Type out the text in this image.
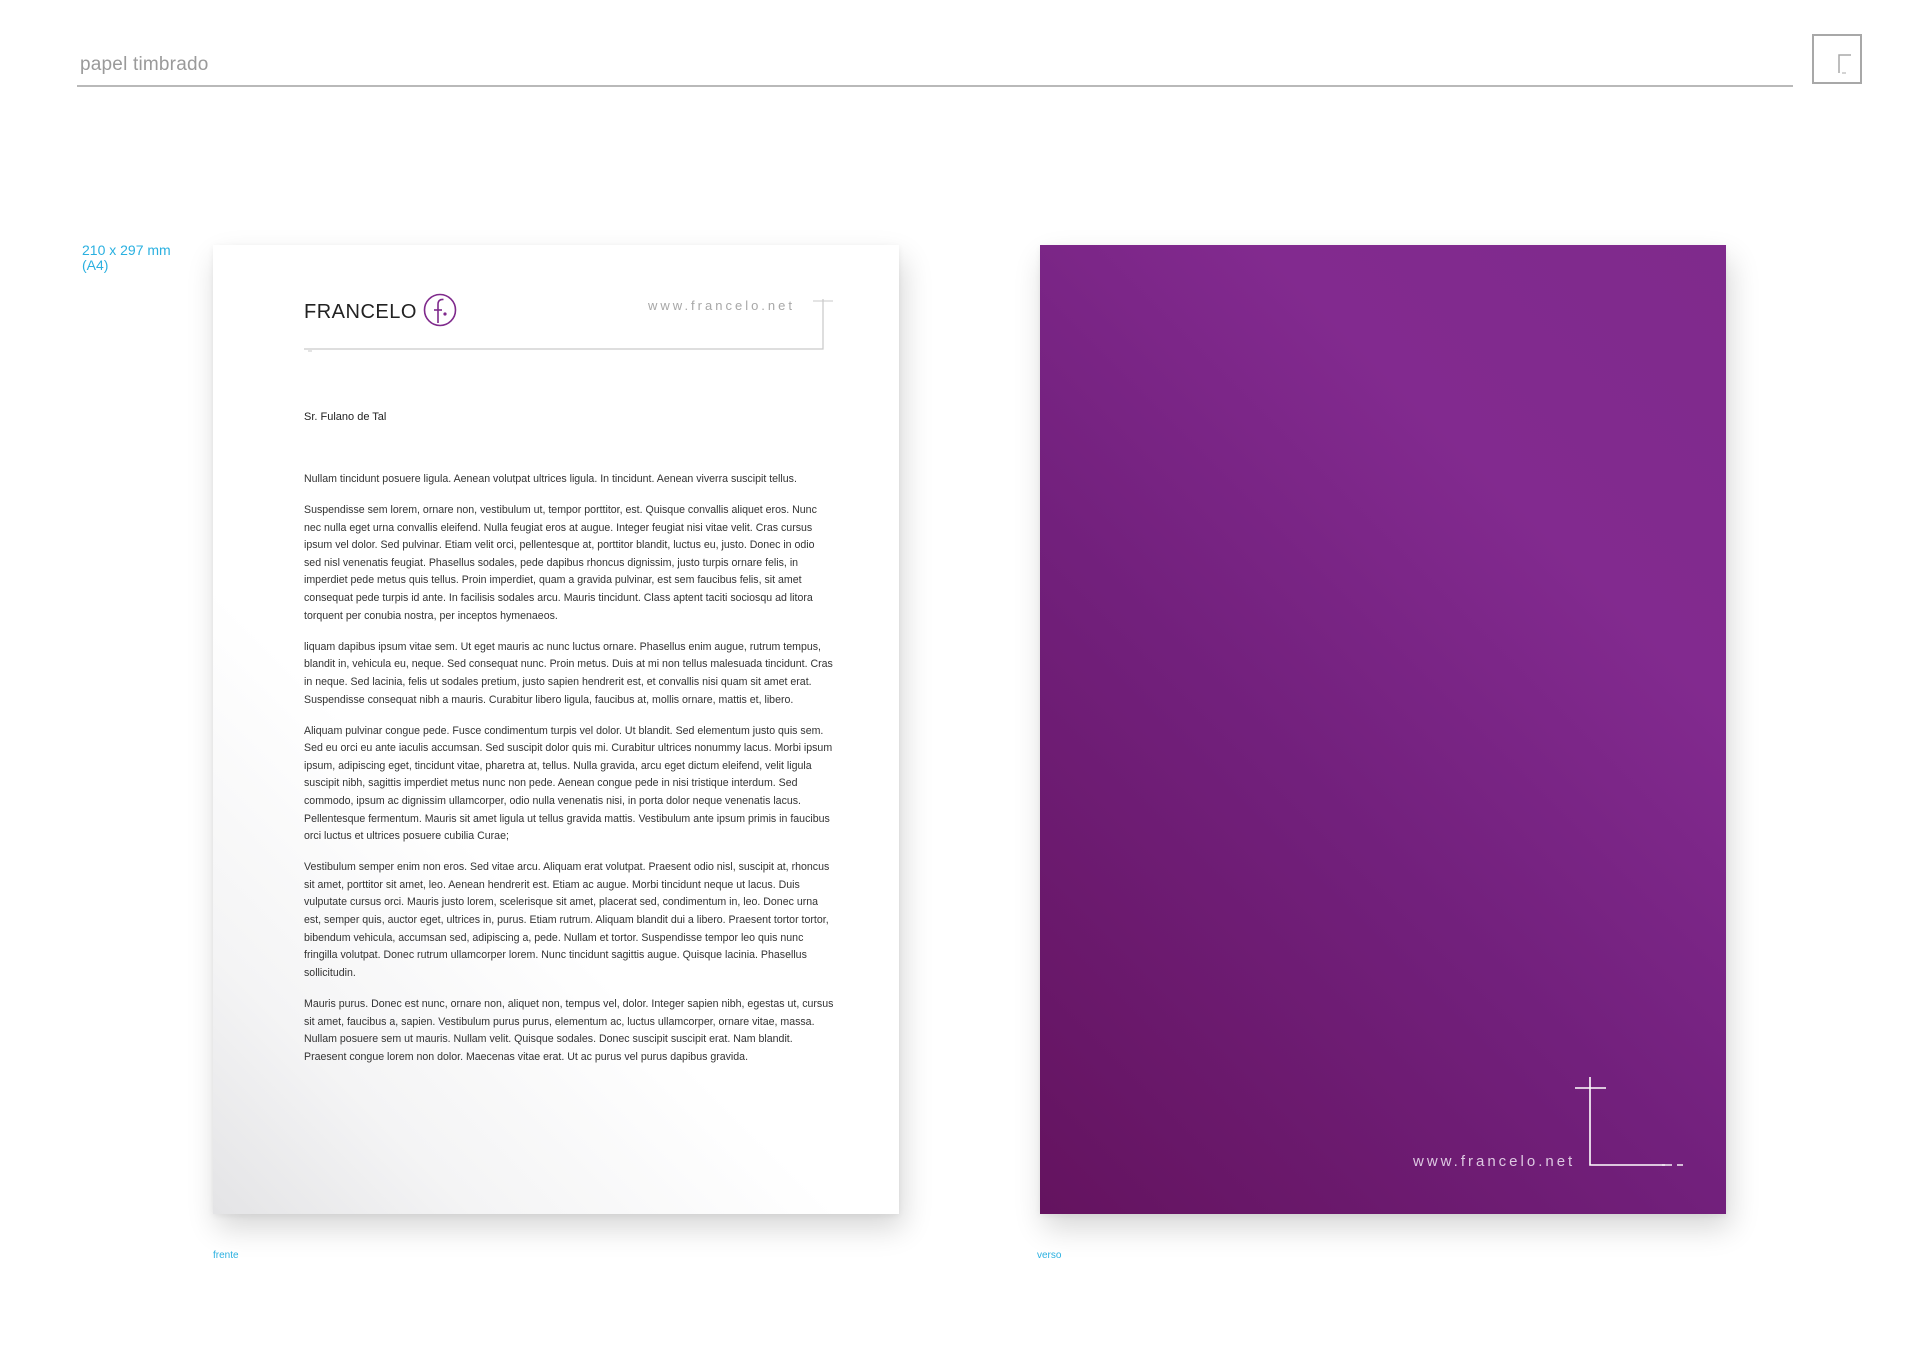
papel timbrado
210 x 297 mm
(A4)
FRANCELO	www.francelo.net
Sr. Fulano de Tal

Nullam tincidunt posuere ligula. Aenean volutpat ultrices ligula. In tincidunt. Aenean viverra suscipit tellus.

Suspendisse sem lorem, ornare non, vestibulum ut, tempor porttitor, est. Quisque convallis aliquet eros. Nunc nec nulla eget urna convallis eleifend. Nulla feugiat eros at augue. Integer feugiat nisi vitae velit. Cras cursus ipsum vel dolor. Sed pulvinar. Etiam velit orci, pellentesque at, porttitor blandit, luctus eu, justo. Donec in odio sed nisl venenatis feugiat. Phasellus sodales, pede dapibus rhoncus dignissim, justo turpis ornare felis, in imperdiet pede metus quis tellus. Proin imperdiet, quam a gravida pulvinar, est sem faucibus felis, sit amet consequat pede turpis id ante. In facilisis sodales arcu. Mauris tincidunt. Class aptent taciti sociosqu ad litora torquent per conubia nostra, per inceptos hymenaeos.

liquam dapibus ipsum vitae sem. Ut eget mauris ac nunc luctus ornare. Phasellus enim augue, rutrum tempus, blandit in, vehicula eu, neque. Sed consequat nunc. Proin metus. Duis at mi non tellus malesuada tincidunt. Cras in neque. Sed lacinia, felis ut sodales pretium, justo sapien hendrerit est, et convallis nisi quam sit amet erat. Suspendisse consequat nibh a mauris. Curabitur libero ligula, faucibus at, mollis ornare, mattis et, libero.

Aliquam pulvinar congue pede. Fusce condimentum turpis vel dolor. Ut blandit. Sed elementum justo quis sem. Sed eu orci eu ante iaculis accumsan. Sed suscipit dolor quis mi. Curabitur ultrices nonummy lacus. Morbi ipsum ipsum, adipiscing eget, tincidunt vitae, pharetra at, tellus. Nulla gravida, arcu eget dictum eleifend, velit ligula suscipit nibh, sagittis imperdiet metus nunc non pede. Aenean congue pede in nisi tristique interdum. Sed commodo, ipsum ac dignissim ullamcorper, odio nulla venenatis nisi, in porta dolor neque venenatis lacus. Pellentesque fermentum. Mauris sit amet ligula ut tellus gravida mattis. Vestibulum ante ipsum primis in faucibus orci luctus et ultrices posuere cubilia Curae;

Vestibulum semper enim non eros. Sed vitae arcu. Aliquam erat volutpat. Praesent odio nisl, suscipit at, rhoncus sit amet, porttitor sit amet, leo. Aenean hendrerit est. Etiam ac augue. Morbi tincidunt neque ut lacus. Duis vulputate cursus orci. Mauris justo lorem, scelerisque sit amet, placerat sed, condimentum in, leo. Donec urna est, semper quis, auctor eget, ultrices in, purus. Etiam rutrum. Aliquam blandit dui a libero. Praesent tortor tortor, bibendum vehicula, accumsan sed, adipiscing a, pede. Nullam et tortor. Suspendisse tempor leo quis nunc fringilla volutpat. Donec rutrum ullamcorper lorem. Nunc tincidunt sagittis augue. Quisque lacinia. Phasellus sollicitudin.

Mauris purus. Donec est nunc, ornare non, aliquet non, tempus vel, dolor. Integer sapien nibh, egestas ut, cursus sit amet, faucibus a, sapien. Vestibulum purus purus, elementum ac, luctus ullamcorper, ornare vitae, massa. Nullam posuere sem ut mauris. Nullam velit. Quisque sodales. Donec suscipit suscipit erat. Nam blandit. Praesent congue lorem non dolor. Maecenas vitae erat. Ut ac purus vel purus dapibus gravida.

www.francelo.net
frente	verso
